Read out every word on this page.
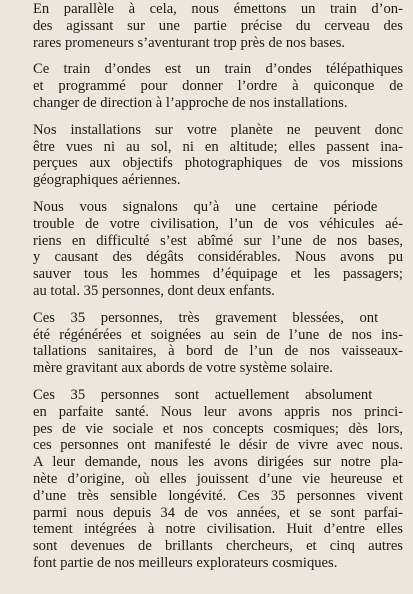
En parallèle à cela, nous émettons un train d’on-
des agissant sur une partie précise du cerveau des
rares promeneurs s’aventurant trop près de nos bases.

Ce train d’ondes est un train d’ondes télépathiques
et programmé pour donner l’ordre à quiconque de
changer de direction à l’approche de nos installations.

Nos installations sur votre planète ne peuvent donc
être vues ni au sol, ni en altitude; elles passent ina-
perçues aux objectifs photographiques de vos missions
géographiques aériennes.

Nous vous signalons qu’à une certaine période
trouble de votre civilisation, l’un de vos véhicules aé-
riens en difficulté s’est abîmé sur l’une de nos bases,
y causant des dégâts considérables. Nous avons pu
sauver tous les hommes d’équipage et les passagers;
au total. 35 personnes, dont deux enfants.

Ces 35 personnes, très gravement blessées, ont
été régénérées et soignées au sein de l’une de nos ins-
tallations sanitaires, à bord de l’un de nos vaisseaux-
mère gravitant aux abords de votre système solaire.

Ces 35 personnes sont actuellement absolument
en parfaite santé. Nous leur avons appris nos princi-
pes de vie sociale et nos concepts cosmiques; dès lors,
ces personnes ont manifesté le désir de vivre avec nous.
A leur demande, nous les avons dirigées sur notre pla-
nète d’origine, où elles jouissent d’une vie heureuse et
d’une très sensible longévité. Ces 35 personnes vivent
parmi nous depuis 34 de vos années, et se sont parfai-
tement intégrées à notre civilisation. Huit d’entre elles
sont devenues de brillants chercheurs, et cinq autres
font partie de nos meilleurs explorateurs cosmiques.
